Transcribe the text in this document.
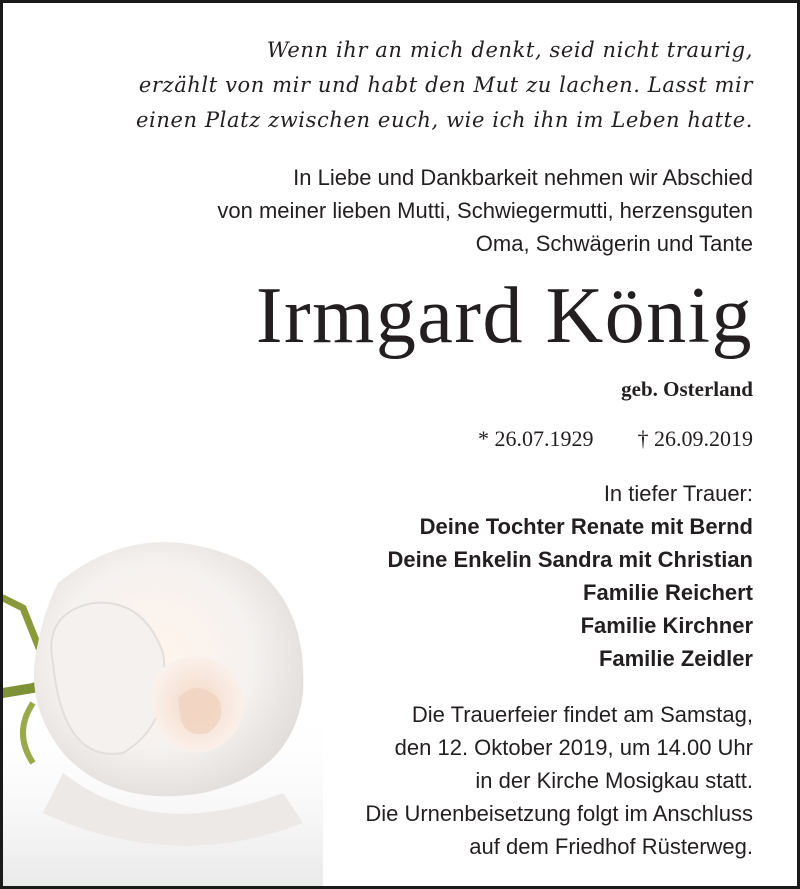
Wenn ihr an mich denkt, seid nicht traurig,
erzählt von mir und habt den Mut zu lachen. Lasst mir
einen Platz zwischen euch, wie ich ihn im Leben hatte.
In Liebe und Dankbarkeit nehmen wir Abschied
von meiner lieben Mutti, Schwiegermutti, herzensguten
Oma, Schwägerin und Tante
Irmgard König
geb. Osterland
* 26.07.1929 † 26.09.2019
In tiefer Trauer:
Deine Tochter Renate mit Bernd
Deine Enkelin Sandra mit Christian
Familie Reichert
Familie Kirchner
Familie Zeidler
Die Trauerfeier findet am Samstag,
den 12. Oktober 2019, um 14.00 Uhr
in der Kirche Mosigkau statt.
Die Urnenbeisetzung folgt im Anschluss
auf dem Friedhof Rüsterweg.
